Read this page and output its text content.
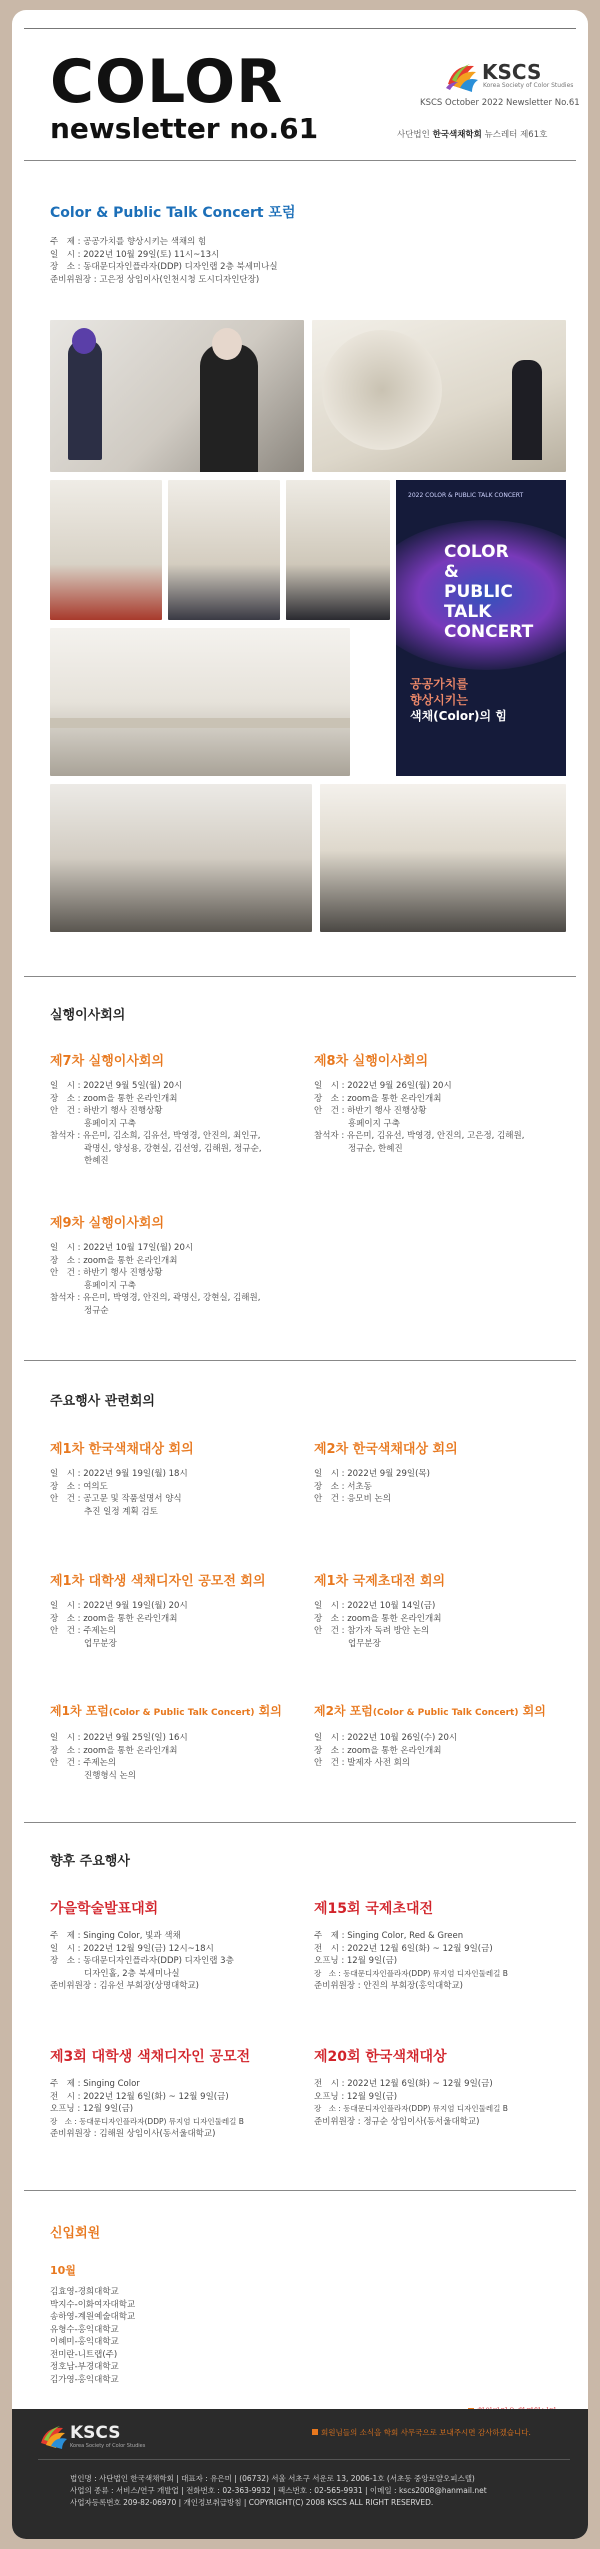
COLOR
newsletter no.61
KSCS
Korea Society of Color Studies
KSCS October 2022 Newsletter No.61
사단법인 한국색채학회 뉴스레터 제61호
Color & Public Talk Concert 포럼
주　제 : 공공가치를 향상시키는 색채의 힘
일　시 : 2022년 10월 29일(토) 11시~13시
장　소 : 동대문디자인플라자(DDP) 디자인랩 2층 북세미나실
준비위원장 : 고은정 상임이사(인천시청 도시디자인단장)
2022 COLOR & PUBLIC TALK CONCERT
COLOR
&
PUBLIC
TALK
CONCERT
공공가치를
향상시키는
색채(Color)의 힘
실행이사회의
제7차 실행이사회의
일　시 : 2022년 9월 5일(월) 20시
장　소 : zoom을 통한 온라인개최
안　건 : 하반기 행사 진행상황
　　　　흥페이지 구축
참석자 : 유은미, 김소희, 김유선, 박영경, 안진의, 최인규,
　　　　곽명신, 양성용, 강현실, 김선영, 김해원, 정규순,
　　　　한혜진
제8차 실행이사회의
일　시 : 2022년 9월 26일(월) 20시
장　소 : zoom을 통한 온라인개최
안　건 : 하반기 행사 진행상황
　　　　흥페이지 구축
참석자 : 유은미, 김유선, 박영경, 안진의, 고은정, 김해원,
　　　　정규순, 한혜진
제9차 실행이사회의
일　시 : 2022년 10월 17일(월) 20시
장　소 : zoom을 통한 온라인개최
안　건 : 하반기 행사 진행상황
　　　　흥페이지 구축
참석자 : 유은미, 박영경, 안진의, 곽명신, 강현실, 김해원,
　　　　정규순
주요행사 관련회의
제1차 한국색채대상 회의
일　시 : 2022년 9월 19일(월) 18시
장　소 : 여의도
안　건 : 공고문 및 작품설명서 양식
　　　　추진 일정 계획 검토
제2차 한국색채대상 회의
일　시 : 2022년 9월 29일(목)
장　소 : 서초동
안　건 : 응모비 논의
제1차 대학생 색채디자인 공모전 회의
일　시 : 2022년 9월 19일(월) 20시
장　소 : zoom을 통한 온라인개최
안　건 : 주제논의
　　　　업무분장
제1차 국제초대전 회의
일　시 : 2022년 10월 14일(금)
장　소 : zoom을 통한 온라인개최
안　건 : 참가자 독려 방안 논의
　　　　업무분장
제1차 포럼(Color & Public Talk Concert) 회의
일　시 : 2022년 9월 25일(일) 16시
장　소 : zoom을 통한 온라인개최
안　건 : 주제논의
　　　　진행형식 논의
제2차 포럼(Color & Public Talk Concert) 회의
일　시 : 2022년 10월 26일(수) 20시
장　소 : zoom을 통한 온라인개최
안　건 : 발제자 사전 회의
향후 주요행사
가을학술발표대회
주　제 : Singing Color, 빛과 색채
일　시 : 2022년 12월 9일(금) 12시~18시
장　소 : 동대문디자인플라자(DDP) 디자인랩 3층
　　　　디자인홀, 2층 북세미나실
준비위원장 : 김유선 부회장(상명대학교)
제15회 국제초대전
주　제 : Singing Color, Red & Green
전　시 : 2022년 12월 6일(화) ~ 12월 9일(금)
오프닝 : 12월 9일(금)
장　소 : 동대문디자인플라자(DDP) 뮤지엄 디자인둘레길 B
준비위원장 : 안진의 부회장(홍익대학교)
제3회 대학생 색채디자인 공모전
주　제 : Singing Color
전　시 : 2022년 12월 6일(화) ~ 12월 9일(금)
오프닝 : 12월 9일(금)
장　소 : 동대문디자인플라자(DDP) 뮤지엄 디자인둘레길 B
준비위원장 : 김해원 상임이사(동서울대학교)
제20회 한국색채대상
전　시 : 2022년 12월 6일(화) ~ 12월 9일(금)
오프닝 : 12월 9일(금)
장　소 : 동대문디자인플라자(DDP) 뮤지엄 디자인둘레길 B
준비위원장 : 정규순 상임이사(동서울대학교)
신입회원
10월
김효영-경희대학교
박지수-이화여자대학교
송하영-계원예술대학교
유형수-홍익대학교
이혜미-홍익대학교
전미란-니트랩(주)
정호남-부경대학교
김가영-홍익대학교
회원님들의 소식을 학회 사무국으로 보내주시면 감사하겠습니다.
KSCS
Korea Society of Color Studies
법인명 : 사단법인 한국색채학회 | 대표자 : 유은미 | (06732) 서울 서초구 서운로 13, 2006-1호 (서초동 중앙로얄오피스텔)
사업의 종류 : 서비스/연구 개발업 | 전화번호 : 02-363-9932 | 팩스번호 : 02-565-9931 | 이메일 : kscs2008@hanmail.net
사업자등록번호 209-82-06970 | 개인정보취급방침 | COPYRIGHT(C) 2008 KSCS ALL RIGHT RESERVED.
